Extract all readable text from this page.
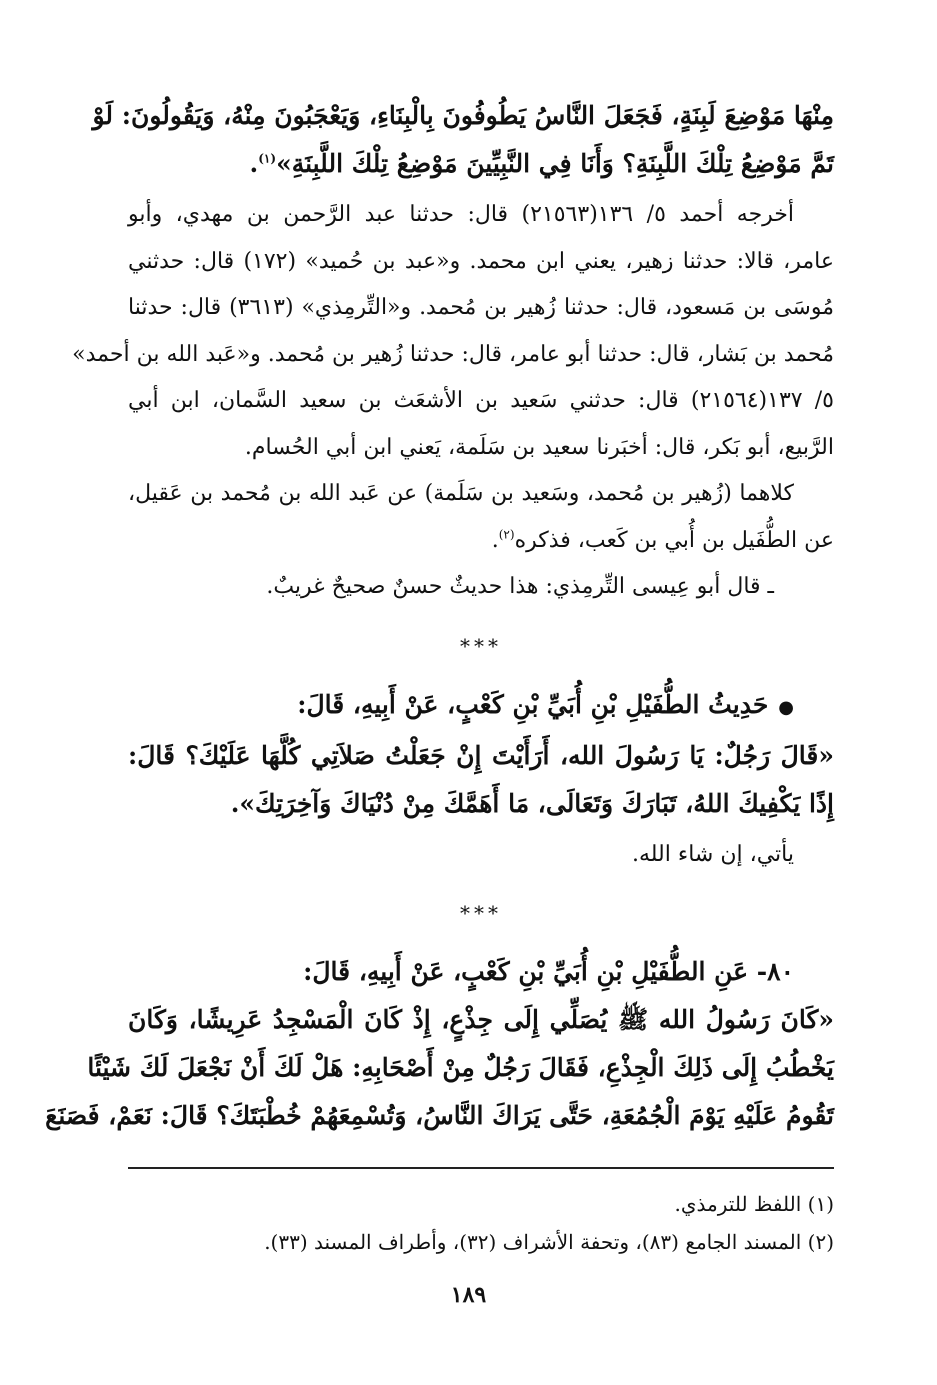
مِنْهَا مَوْضِعَ لَبِنَةٍ، فَجَعَلَ النَّاسُ يَطُوفُونَ بِالْبِنَاءِ، وَيَعْجَبُونَ مِنْهُ، وَيَقُولُونَ: لَوْ

تَمَّ مَوْضِعُ تِلْكَ اللَّبِنَةِ؟ وَأَنَا فِي النَّبِيِّينَ مَوْضِعُ تِلْكَ اللَّبِنَةِ»$^{(١)}$.

أخرجه أحمد ٥/ ١٣٦(٢١٥٦٣) قال: حدثنا عبد الرَّحمن بن مهدي، وأبو

عامر، قالا: حدثنا زهير، يعني ابن محمد. و«عبد بن حُميد» (١٧٢) قال: حدثني

مُوسَى بن مَسعود، قال: حدثنا زُهير بن مُحمد. و«التِّرمِذي» (٣٦١٣) قال: حدثنا

مُحمد بن بَشار، قال: حدثنا أبو عامر، قال: حدثنا زُهير بن مُحمد. و«عَبد الله بن أحمد»

٥/ ١٣٧(٢١٥٦٤) قال: حدثني سَعيد بن الأشعَث بن سعيد السَّمان، ابن أبي

الرَّبيع، أبو بَكر، قال: أخبَرنا سعيد بن سَلَمة، يَعني ابن أبي الحُسام.

كلاهما (زُهير بن مُحمد، وسَعيد بن سَلَمة) عن عَبد الله بن مُحمد بن عَقيل،

عن الطُّفَيل بن أُبي بن كَعب، فذكره$^{(٢)}$.

ـ قال أبو عِيسى التِّرمِذي: هذا حديثٌ حسنٌ صحيحٌ غريبٌ.

***

●حَدِيثُ الطُّفَيْلِ بْنِ أُبَيِّ بْنِ كَعْبٍ، عَنْ أَبِيهِ، قَالَ:

«قَالَ رَجُلٌ: يَا رَسُولَ الله، أَرَأَيْتَ إِنْ جَعَلْتُ صَلاَتِي كُلَّهَا عَلَيْكَ؟ قَالَ:

إِذًا يَكْفِيكَ اللهُ، تَبَارَكَ وَتَعَالَى، مَا أَهَمَّكَ مِنْ دُنْيَاكَ وَآخِرَتِكَ».

يأتي، إن شاء الله.

***

٨٠- عَنِ الطُّفَيْلِ بْنِ أُبَيِّ بْنِ كَعْبٍ، عَنْ أَبِيهِ، قَالَ:

«كَانَ رَسُولُ الله ﷺ يُصَلِّي إِلَى جِذْعٍ، إِذْ كَانَ الْمَسْجِدُ عَرِيشًا، وَكَانَ

يَخْطُبُ إِلَى ذَلِكَ الْجِذْعِ، فَقَالَ رَجُلٌ مِنْ أَصْحَابِهِ: هَلْ لَكَ أَنْ نَجْعَلَ لَكَ شَيْئًا

تَقُومُ عَلَيْهِ يَوْمَ الْجُمُعَةِ، حَتَّى يَرَاكَ النَّاسُ، وَتُسْمِعَهُمْ خُطْبَتَكَ؟ قَالَ: نَعَمْ، فَصَنَعَ

(١) اللفظ للترمذي.

(٢) المسند الجامع (٨٣)، وتحفة الأشراف (٣٢)، وأطراف المسند (٣٣).

١٨٩
